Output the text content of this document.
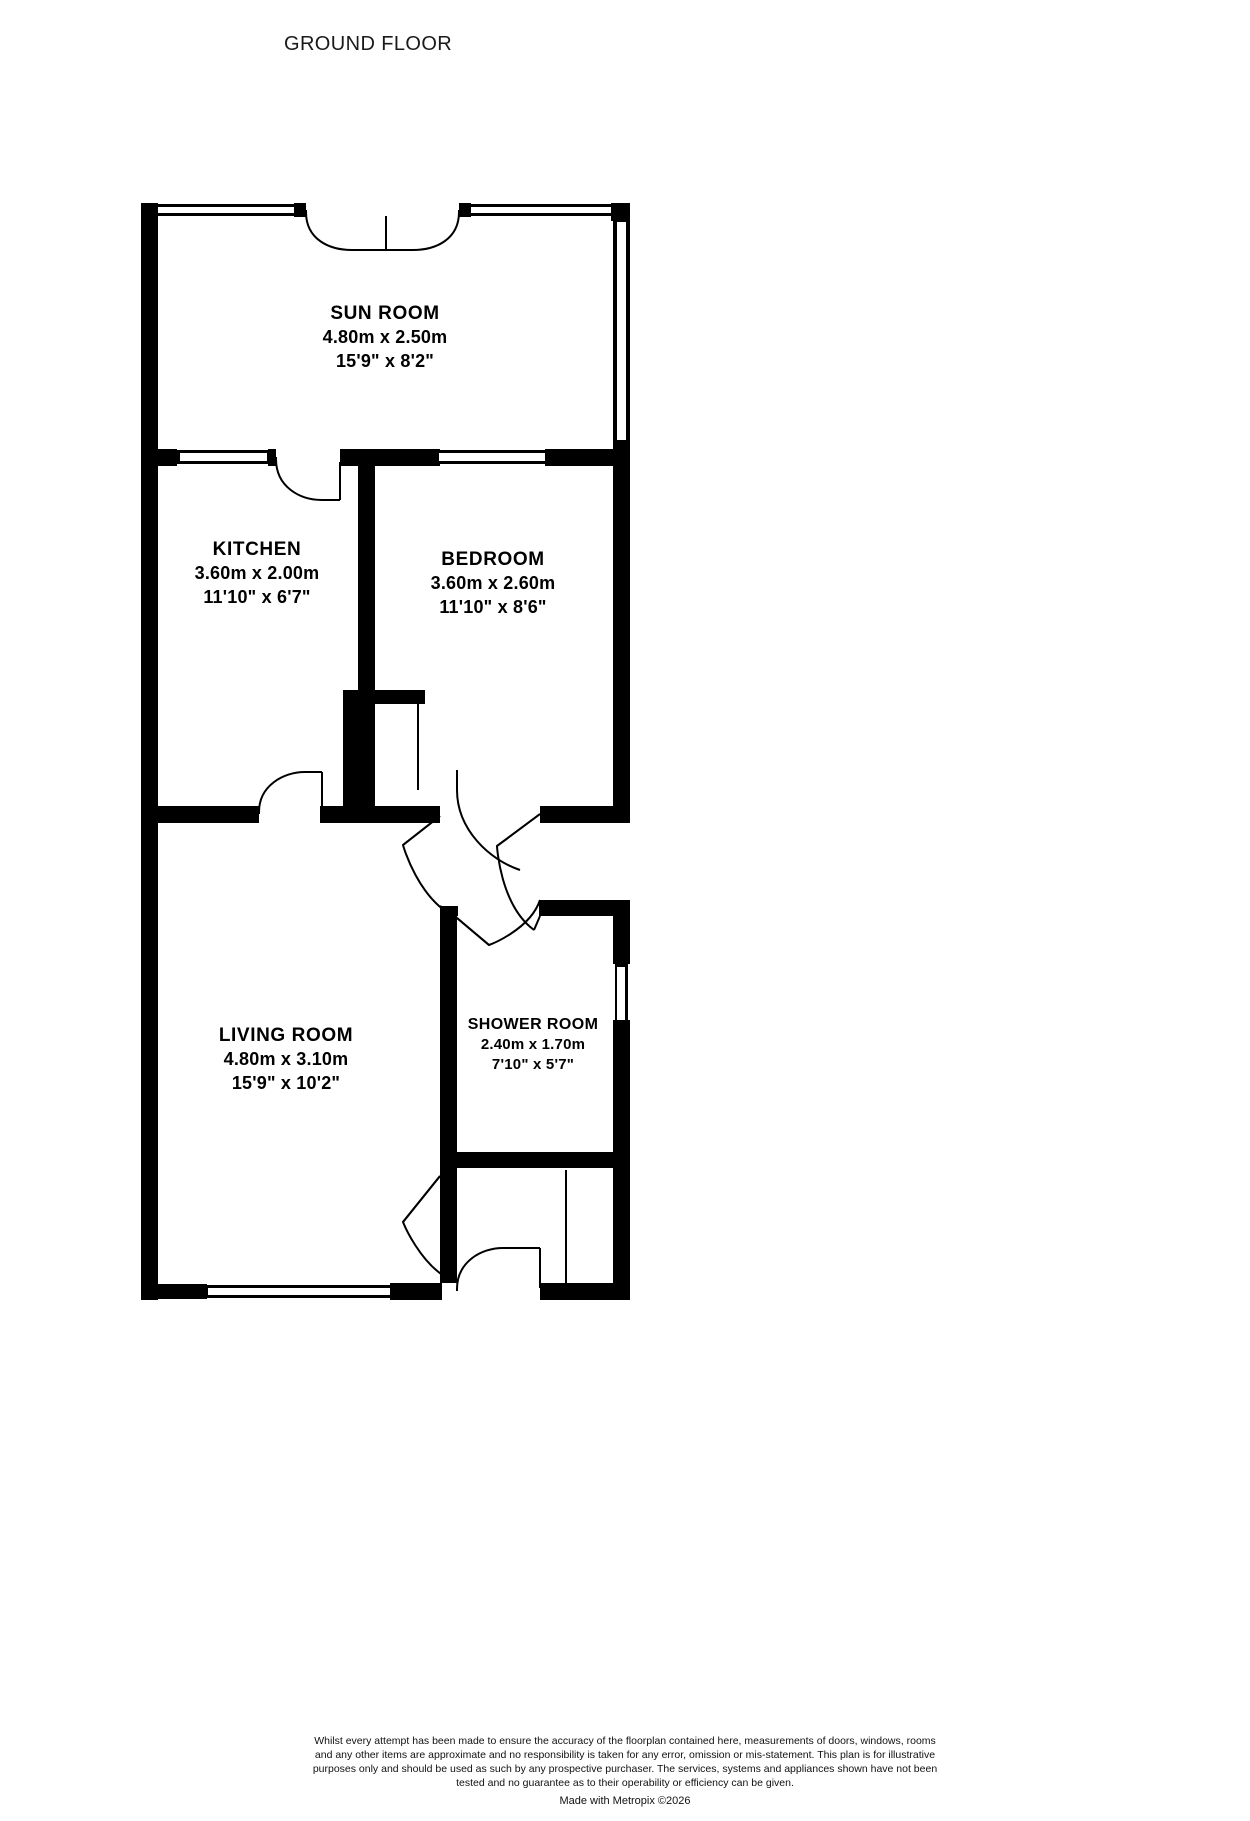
GROUND FLOOR
SUN ROOM
4.80m x 2.50m
15'9" x 8'2"
KITCHEN
3.60m x 2.00m
11'10" x 6'7"
BEDROOM
3.60m x 2.60m
11'10" x 8'6"
LIVING ROOM
4.80m x 3.10m
15'9" x 10'2"
SHOWER ROOM
2.40m x 1.70m
7'10" x 5'7"
Whilst every attempt has been made to ensure the accuracy of the floorplan contained here, measurements of doors, windows, rooms and any other items are approximate and no responsibility is taken for any error, omission or mis-statement. This plan is for illustrative purposes only and should be used as such by any prospective purchaser. The services, systems and appliances shown have not been tested and no guarantee as to their operability or efficiency can be given.
Made with Metropix ©2026
